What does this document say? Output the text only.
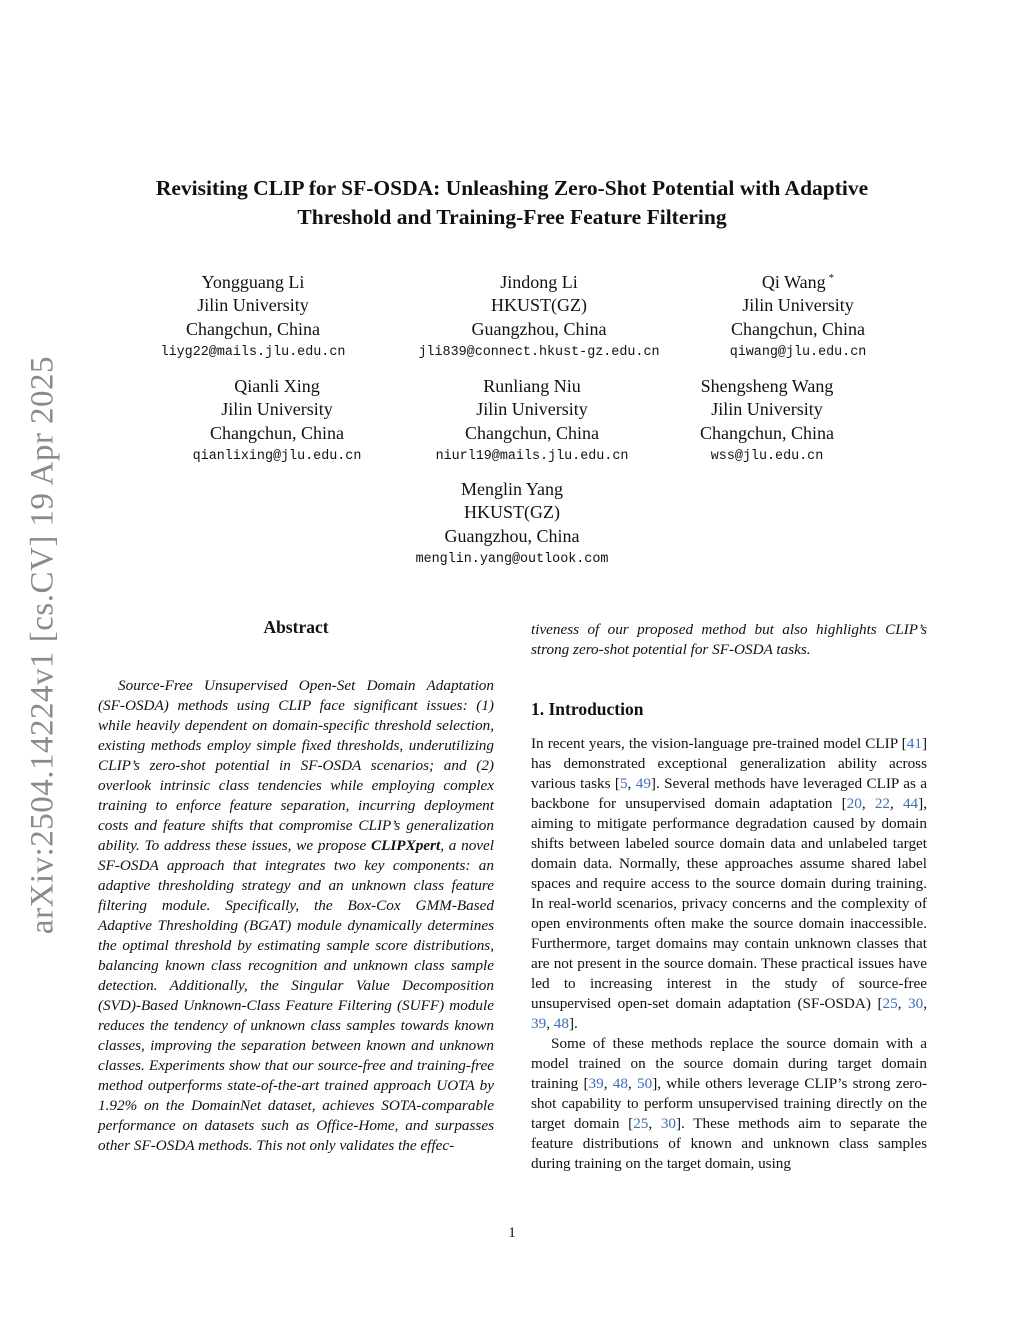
arXiv:2504.14224v1 [cs.CV] 19 Apr 2025
Revisiting CLIP for SF-OSDA: Unleashing Zero-Shot Potential with Adaptive
Threshold and Training-Free Feature Filtering
Yongguang Li
Jilin University
Changchun, China
liyg22@mails.jlu.edu.cn
Jindong Li
HKUST(GZ)
Guangzhou, China
jli839@connect.hkust-gz.edu.cn
Qi Wang *
Jilin University
Changchun, China
qiwang@jlu.edu.cn
Qianli Xing
Jilin University
Changchun, China
qianlixing@jlu.edu.cn
Runliang Niu
Jilin University
Changchun, China
niurl19@mails.jlu.edu.cn
Shengsheng Wang
Jilin University
Changchun, China
wss@jlu.edu.cn
Menglin Yang
HKUST(GZ)
Guangzhou, China
menglin.yang@outlook.com
Abstract

Source-Free Unsupervised Open-Set Domain Adaptation (SF-OSDA) methods using CLIP face significant issues: (1) while heavily dependent on domain-specific threshold selection, existing methods employ simple fixed thresholds, underutilizing CLIP’s zero-shot potential in SF-OSDA scenarios; and (2) overlook intrinsic class tendencies while employing complex training to enforce feature separation, incurring deployment costs and feature shifts that compromise CLIP’s generalization ability. To address these issues, we propose CLIPXpert, a novel SF-OSDA approach that integrates two key components: an adaptive thresholding strategy and an unknown class feature filtering module. Specifically, the Box-Cox GMM-Based Adaptive Thresholding (BGAT) module dynamically determines the optimal threshold by estimating sample score distributions, balancing known class recognition and unknown class sample detection. Additionally, the Singular Value Decomposition (SVD)-Based Unknown-Class Feature Filtering (SUFF) module reduces the tendency of unknown class samples towards known classes, improving the separation between known and unknown classes. Experiments show that our source-free and training-free method outperforms state-of-the-art trained approach UOTA by 1.92% on the DomainNet dataset, achieves SOTA-comparable performance on datasets such as Office-Home, and surpasses other SF-OSDA methods. This not only validates the effec-

tiveness of our proposed method but also highlights CLIP’s strong zero-shot potential for SF-OSDA tasks.

1. Introduction

In recent years, the vision-language pre-trained model CLIP [41] has demonstrated exceptional generalization ability across various tasks [5, 49]. Several methods have leveraged CLIP as a backbone for unsupervised domain adaptation [20, 22, 44], aiming to mitigate performance degradation caused by domain shifts between labeled source domain data and unlabeled target domain data. Normally, these approaches assume shared label spaces and require access to the source domain during training. In real-world scenarios, privacy concerns and the complexity of open environments often make the source domain inaccessible. Furthermore, target domains may contain unknown classes that are not present in the source domain. These practical issues have led to increasing interest in the study of source-free unsupervised open-set domain adaptation (SF-OSDA) [25, 30, 39, 48].

Some of these methods replace the source domain with a model trained on the source domain during target domain training [39, 48, 50], while others leverage CLIP’s strong zero-shot capability to perform unsupervised training directly on the target domain [25, 30]. These methods aim to separate the feature distributions of known and unknown class samples during training on the target domain, using

1
